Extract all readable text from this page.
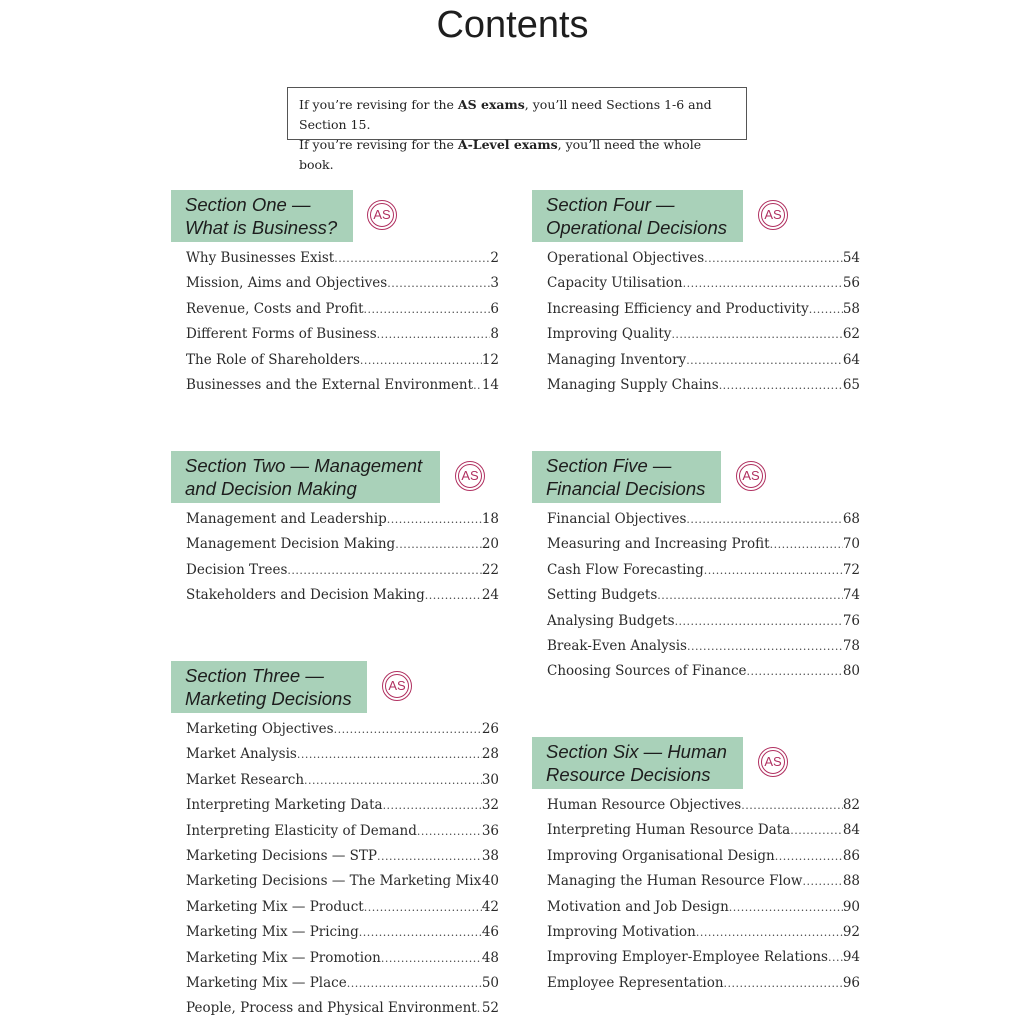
Contents
If you’re revising for the AS exams, you’ll need Sections 1-6 and Section 15.
If you’re revising for the A-Level exams, you’ll need the whole book.
Section One —
What is Business?
AS
Why Businesses Exist .....	2
Mission, Aims and Objectives .....	3
Revenue, Costs and Profit .....	6
Different Forms of Business .....	8
The Role of Shareholders .....	12
Businesses and the External Environment ..... 14
Section Two — Management
and Decision Making
AS
Management and Leadership .....	18
Management Decision Making .....	20
Decision Trees .....	22
Stakeholders and Decision Making .....	24
Section Three —
Marketing Decisions
AS
Marketing Objectives .....	26
Market Analysis .....	28
Market Research .....	30
Interpreting Marketing Data .....	32
Interpreting Elasticity of Demand .....	36
Marketing Decisions — STP .....	38
Marketing Decisions — The Marketing Mix ..... 40
Marketing Mix — Product .....	42
Marketing Mix — Pricing .....	46
Marketing Mix — Promotion .....	48
Marketing Mix — Place .....	50
People, Process and Physical Environment ..... 52
Section Four —
Operational Decisions
AS
Operational Objectives .....	54
Capacity Utilisation .....	56
Increasing Efficiency and Productivity .....	58
Improving Quality .....	62
Managing Inventory .....	64
Managing Supply Chains .....	65
Section Five —
Financial Decisions
AS
Financial Objectives .....	68
Measuring and Increasing Profit .....	70
Cash Flow Forecasting .....	72
Setting Budgets .....	74
Analysing Budgets .....	76
Break-Even Analysis .....	78
Choosing Sources of Finance .....	80
Section Six — Human
Resource Decisions
AS
Human Resource Objectives .....	82
Interpreting Human Resource Data .....	84
Improving Organisational Design .....	86
Managing the Human Resource Flow .....	88
Motivation and Job Design .....	90
Improving Motivation .....	92
Improving Employer-Employee Relations ..... 94
Employee Representation .....	96
